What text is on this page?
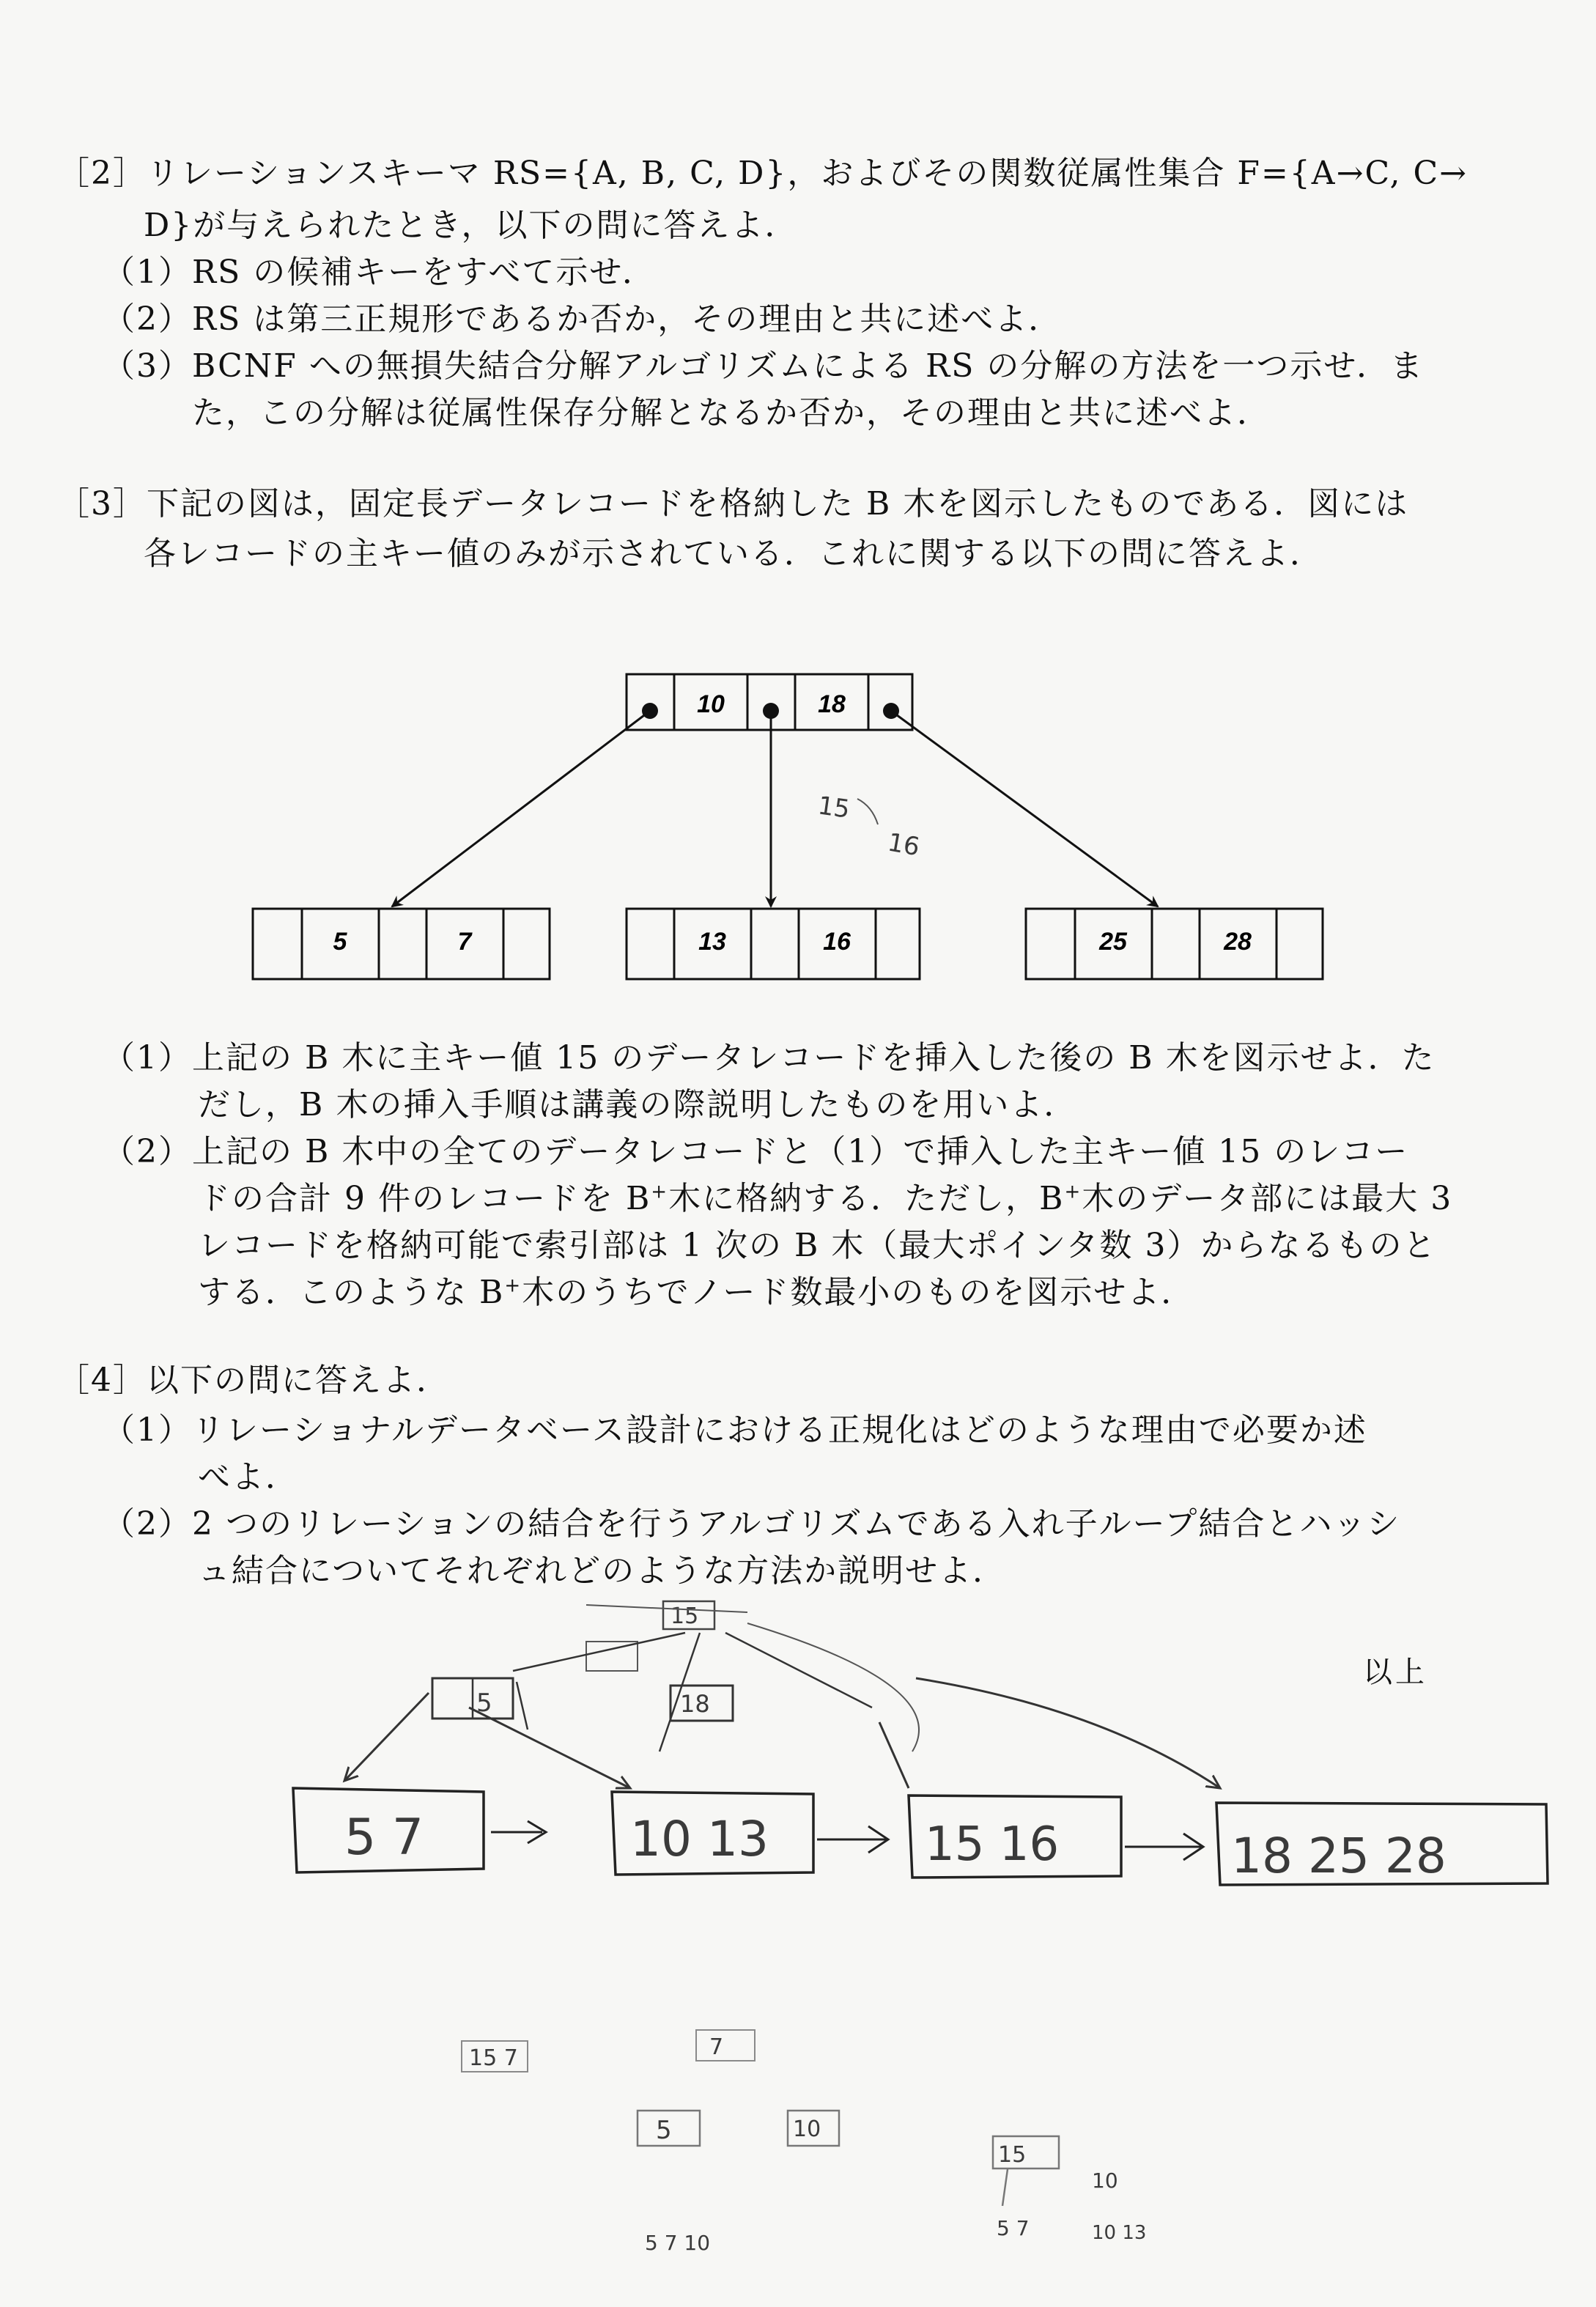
［2］リレーションスキーマ RS={A, B, C, D}，およびその関数従属性集合 F={A→C, C→
D}が与えられたとき，以下の問に答えよ．
（1）RS の候補キーをすべて示せ．
（2）RS は第三正規形であるか否か，その理由と共に述べよ．
（3）BCNF への無損失結合分解アルゴリズムによる RS の分解の方法を一つ示せ．ま
た，この分解は従属性保存分解となるか否か，その理由と共に述べよ．
［3］下記の図は，固定長データレコードを格納した B 木を図示したものである．図には
各レコードの主キー値のみが示されている．これに関する以下の問に答えよ．
10	18
5	7	13	16	25	28
15
16
15
5	18
5 7	10 13	15 16	18 25 28
15 7	7
5	10
15
10
5 7 10
5 7	10 13
（1）上記の B 木に主キー値 15 のデータレコードを挿入した後の B 木を図示せよ．た
だし，B 木の挿入手順は講義の際説明したものを用いよ．
（2）上記の B 木中の全てのデータレコードと（1）で挿入した主キー値 15 のレコー
ドの合計 9 件のレコードを B+木に格納する．ただし，B+木のデータ部には最大 3
レコードを格納可能で索引部は 1 次の B 木（最大ポインタ数 3）からなるものと
する．このような B+木のうちでノード数最小のものを図示せよ．
［4］以下の問に答えよ．
（1）リレーショナルデータベース設計における正規化はどのような理由で必要か述
べよ．
（2）2 つのリレーションの結合を行うアルゴリズムである入れ子ループ結合とハッシ
ュ結合についてそれぞれどのような方法か説明せよ．
以上
